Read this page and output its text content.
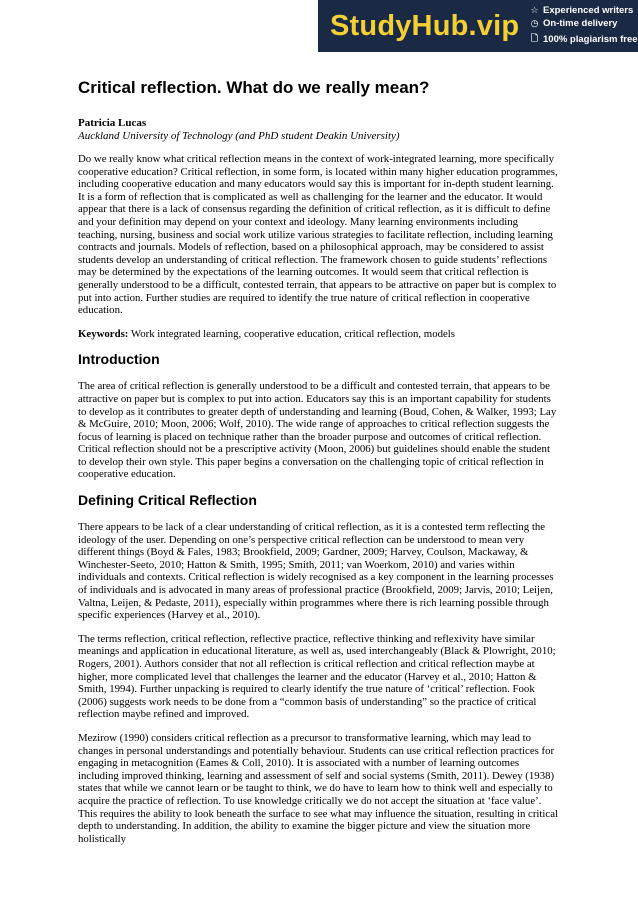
StudyHub.vip ☆ Experienced writers
◷ On-time delivery
🗋 100% plagiarism free
Critical reflection. What do we really mean?
Patricia Lucas
Auckland University of Technology (and PhD student Deakin University)

Do we really know what critical reflection means in the context of work-integrated learning, more specifically cooperative education? Critical reflection, in some form, is located within many higher education programmes, including cooperative education and many educators would say this is important for in-depth student learning. It is a form of reflection that is complicated as well as challenging for the learner and the educator. It would appear that there is a lack of consensus regarding the definition of critical reflection, as it is difficult to define and your definition may depend on your context and ideology. Many learning environments including teaching, nursing, business and social work utilize various strategies to facilitate reflection, including learning contracts and journals. Models of reflection, based on a philosophical approach, may be considered to assist students develop an understanding of critical reflection. The framework chosen to guide students’ reflections may be determined by the expectations of the learning outcomes. It would seem that critical reflection is generally understood to be a difficult, contested terrain, that appears to be attractive on paper but is complex to put into action. Further studies are required to identify the true nature of critical reflection in cooperative education.

Keywords: Work integrated learning, cooperative education, critical reflection, models

Introduction

The area of critical reflection is generally understood to be a difficult and contested terrain, that appears to be attractive on paper but is complex to put into action. Educators say this is an important capability for students to develop as it contributes to greater depth of understanding and learning (Boud, Cohen, & Walker, 1993; Lay & McGuire, 2010; Moon, 2006; Wolf, 2010). The wide range of approaches to critical reflection suggests the focus of learning is placed on technique rather than the broader purpose and outcomes of critical reflection. Critical reflection should not be a prescriptive activity (Moon, 2006) but guidelines should enable the student to develop their own style. This paper begins a conversation on the challenging topic of critical reflection in cooperative education.

Defining Critical Reflection

There appears to be lack of a clear understanding of critical reflection, as it is a contested term reflecting the ideology of the user. Depending on one’s perspective critical reflection can be understood to mean very different things (Boyd & Fales, 1983; Brookfield, 2009; Gardner, 2009; Harvey, Coulson, Mackaway, & Winchester-Seeto, 2010; Hatton & Smith, 1995; Smith, 2011; van Woerkom, 2010) and varies within individuals and contexts. Critical reflection is widely recognised as a key component in the learning processes of individuals and is advocated in many areas of professional practice (Brookfield, 2009; Jarvis, 2010; Leijen, Valtna, Leijen, & Pedaste, 2011), especially within programmes where there is rich learning possible through specific experiences (Harvey et al., 2010).

The terms reflection, critical reflection, reflective practice, reflective thinking and reflexivity have similar meanings and application in educational literature, as well as, used interchangeably (Black & Plowright, 2010; Rogers, 2001). Authors consider that not all reflection is critical reflection and critical reflection maybe at higher, more complicated level that challenges the learner and the educator (Harvey et al., 2010; Hatton & Smith, 1994). Further unpacking is required to clearly identify the true nature of ‘critical’ reflection. Fook (2006) suggests work needs to be done from a “common basis of understanding” so the practice of critical reflection maybe refined and improved.

Mezirow (1990) considers critical reflection as a precursor to transformative learning, which may lead to changes in personal understandings and potentially behaviour. Students can use critical reflection practices for engaging in metacognition (Eames & Coll, 2010). It is associated with a number of learning outcomes including improved thinking, learning and assessment of self and social systems (Smith, 2011). Dewey (1938) states that while we cannot learn or be taught to think, we do have to learn how to think well and especially to acquire the practice of reflection. To use knowledge critically we do not accept the situation at ‘face value’. This requires the ability to look beneath the surface to see what may influence the situation, resulting in critical depth to understanding. In addition, the ability to examine the bigger picture and view the situation more holistically
